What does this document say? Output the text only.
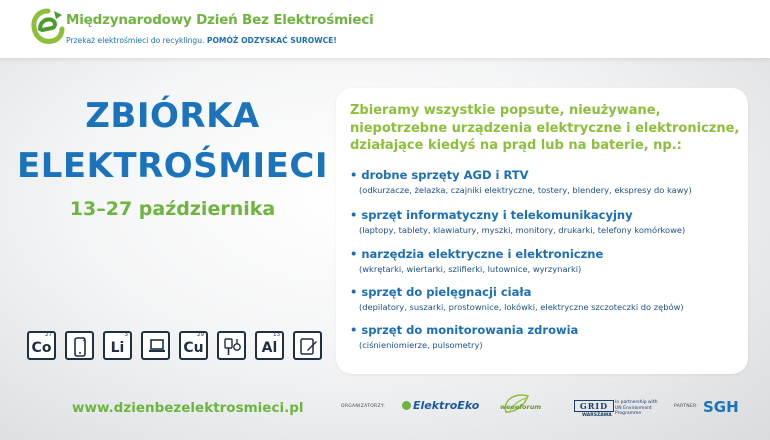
Międzynarodowy Dzień Bez Elektrośmieci
Przekaż elektrośmieci do recyklingu. POMÓŻ ODZYSKAĆ SUROWCE!
ZBIÓRKA
ELEKTROŚMIECI
13–27 października
Zbieramy wszystkie popsute, nieużywane, niepotrzebne urządzenia elektryczne i elektroniczne, działające kiedyś na prąd lub na baterie, np.:
• drobne sprzęty AGD i RTV
(odkurzacze, żelazka, czajniki elektryczne, tostery, blendery, ekspresy do kawy)
• sprzęt informatyczny i telekomunikacyjny
(laptopy, tablety, klawiatury, myszki, monitory, drukarki, telefony komórkowe)
• narzędzia elektryczne i elektroniczne
(wkrętarki, wiertarki, szlifierki, lutownice, wyrzynarki)
• sprzęt do pielęgnacji ciała
(depilatory, suszarki, prostownice, lokówki, elektryczne szczoteczki do zębów)
• sprzęt do monitorowania zdrowia
(ciśnieniomierze, pulsometry)
27
Co
3
Li
29
Cu
13
Al
www.dzienbezelektrosmieci.pl	ORGANIZATORZY:	ElektroEko	weeeforum	GRID
WARSZAWA
In partnership with UN Environment Programme
PARTNER: SGH
